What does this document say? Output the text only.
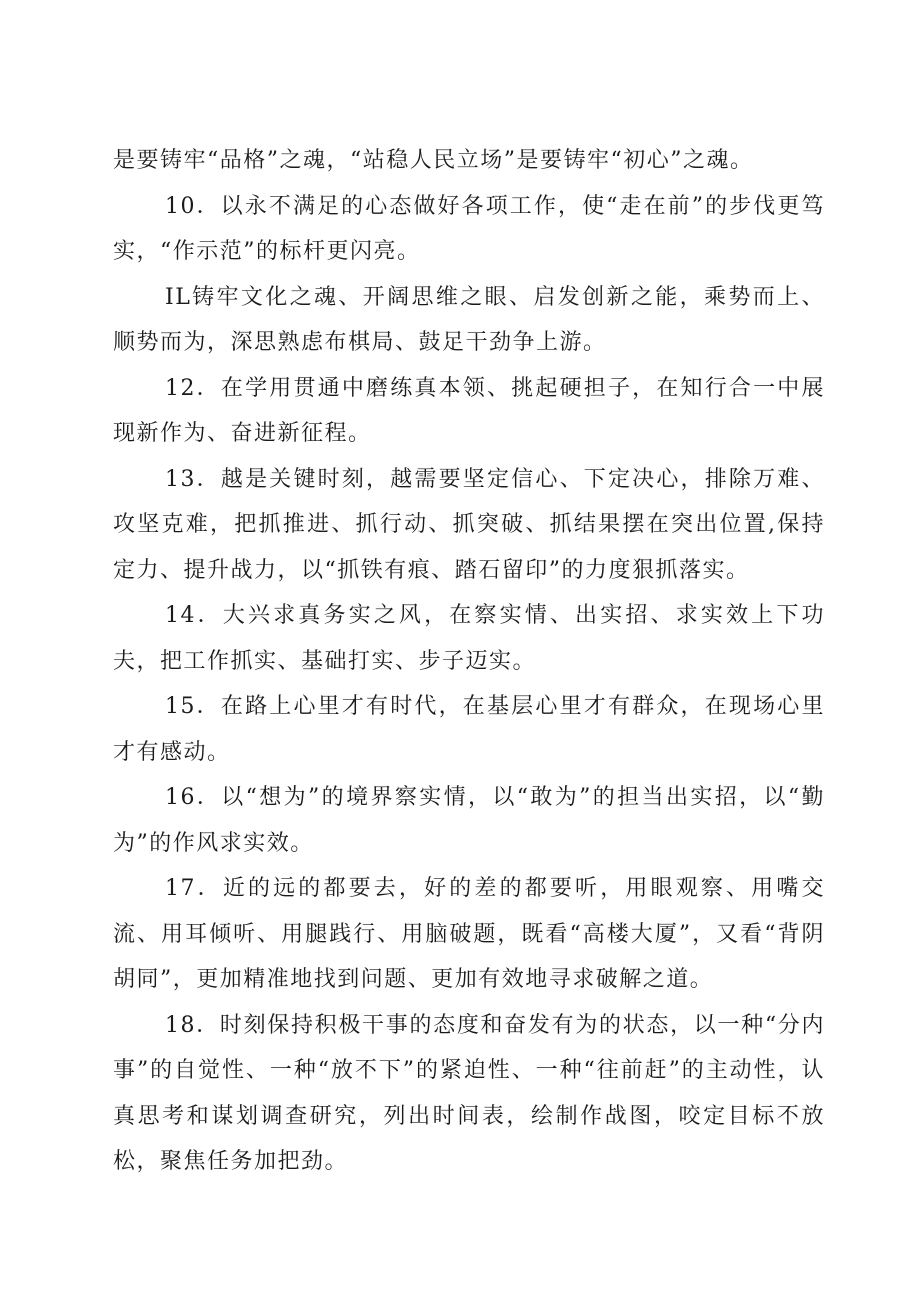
是要铸牢“品格”之魂，“站稳人民立场”是要铸牢“初心”之魂。

10．以永不满足的心态做好各项工作，使“走在前”的步伐更笃实，“作示范”的标杆更闪亮。

IL铸牢文化之魂、开阔思维之眼、启发创新之能，乘势而上、顺势而为，深思熟虑布棋局、鼓足干劲争上游。

12．在学用贯通中磨练真本领、挑起硬担子，在知行合一中展现新作为、奋进新征程。

13．越是关键时刻，越需要坚定信心、下定决心，排除万难、攻坚克难，把抓推进、抓行动、抓突破、抓结果摆在突出位置,保持定力、提升战力，以“抓铁有痕、踏石留印”的力度狠抓落实。

14．大兴求真务实之风，在察实情、出实招、求实效上下功夫，把工作抓实、基础打实、步子迈实。

15．在路上心里才有时代，在基层心里才有群众，在现场心里才有感动。

16．以“想为”的境界察实情，以“敢为”的担当出实招，以“勤为”的作风求实效。

17．近的远的都要去，好的差的都要听，用眼观察、用嘴交流、用耳倾听、用腿践行、用脑破题，既看“高楼大厦”，又看“背阴胡同”，更加精准地找到问题、更加有效地寻求破解之道。

18．时刻保持积极干事的态度和奋发有为的状态，以一种“分内事”的自觉性、一种“放不下”的紧迫性、一种“往前赶”的主动性，认真思考和谋划调查研究，列出时间表，绘制作战图，咬定目标不放松，聚焦任务加把劲。
